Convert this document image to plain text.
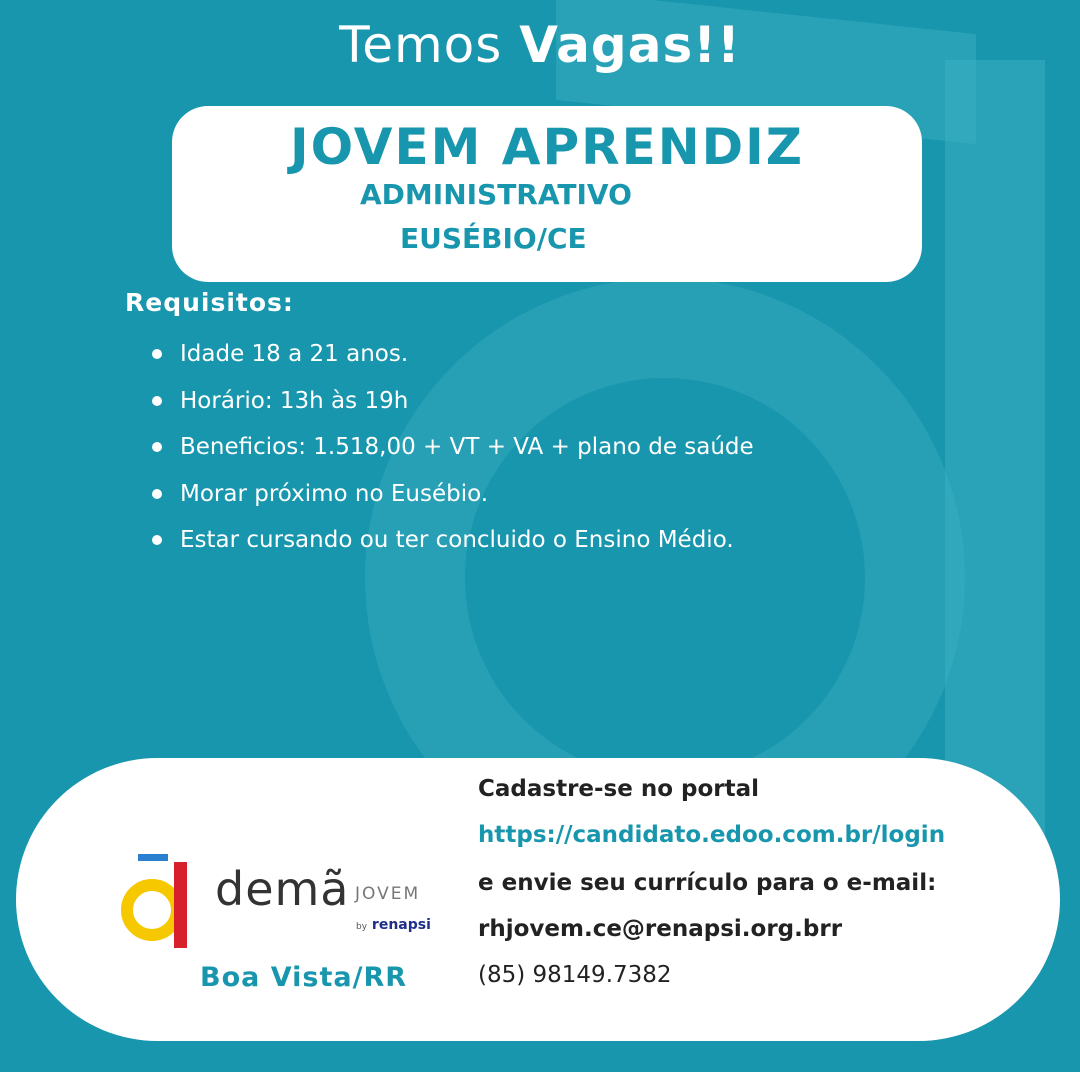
Temos Vagas!!
JOVEM APRENDIZ
ADMINISTRATIVO
EUSÉBIO/CE
Requisitos:
Idade 18 a 21 anos.
Horário: 13h às 19h
Beneficios: 1.518,00 + VT + VA + plano de saúde
Morar próximo no Eusébio.
Estar cursando ou ter concluido o Ensino Médio.
demã JOVEM
by renapsi
Boa Vista/RR
Cadastre-se no portal
https://candidato.edoo.com.br/login
e envie seu currículo para o e-mail:
rhjovem.ce@renapsi.org.brr
(85) 98149.7382
